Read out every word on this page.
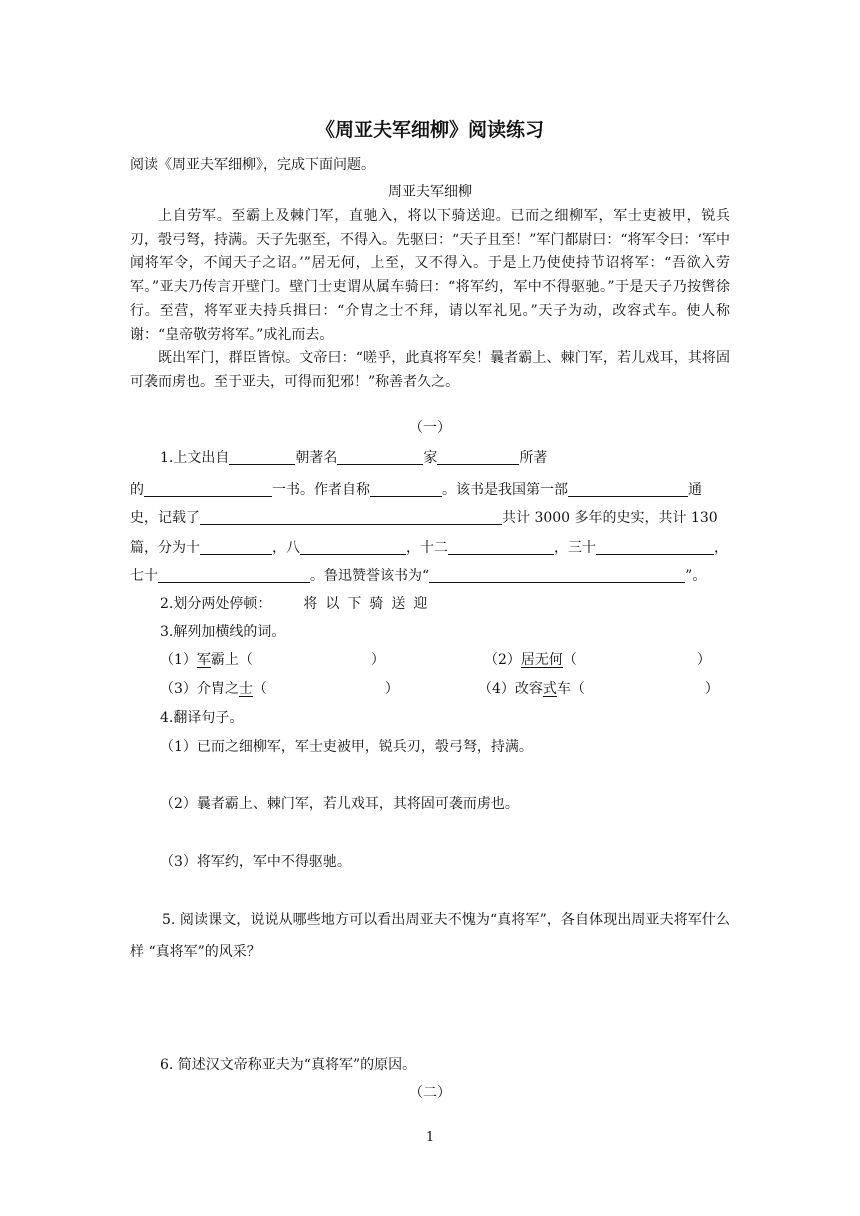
《周亚夫军细柳》阅读练习
阅读《周亚夫军细柳》，完成下面问题。
周亚夫军细柳

上自劳军。至霸上及棘门军，直驰入，将以下骑送迎。已而之细柳军，军士吏被甲，锐兵刃，彀弓弩，持满。天子先驱至，不得入。先驱曰：“天子且至！”军门都尉曰：“将军令曰：‘军中闻将军令，不闻天子之诏。’”居无何，上至，又不得入。于是上乃使使持节诏将军：“吾欲入劳军。”亚夫乃传言开壁门。壁门士吏谓从属车骑曰：“将军约，军中不得驱驰。”于是天子乃按辔徐行。至营，将军亚夫持兵揖曰：“介胄之士不拜，请以军礼见。”天子为动，改容式车。使人称谢：“皇帝敬劳将军。”成礼而去。

既出军门，群臣皆惊。文帝曰：“嗟乎，此真将军矣！曩者霸上、棘门军，若儿戏耳，其将固可袭而虏也。至于亚夫，可得而犯邪！”称善者久之。

（一）
1.上文出自	朝著名	家	所著
的	一书。作者自称	。该书是我国第一部	通
史，记载了	共计 3000 多年的史实，共计 130
篇，分为十	，八	，十二	，三十	，
七十	。鲁迅赞誉该书为“	”。
2.划分两处停顿： 将以下骑送迎
3.解列加横线的词。
（1）军霸上（	）	（2）居无何（	）
（3）介胄之士（	）	（4）改容式车（	）
4.翻译句子。
（1）已而之细柳军，军士吏被甲，锐兵刃，彀弓弩，持满。
（2）曩者霸上、棘门军，若儿戏耳，其将固可袭而虏也。
（3）将军约，军中不得驱驰。

5. 阅读课文，说说从哪些地方可以看出周亚夫不愧为“真将军”，各自体现出周亚夫将军什么样 “真将军”的风采？

6. 简述汉文帝称亚夫为“真将军”的原因。
（二）
1
